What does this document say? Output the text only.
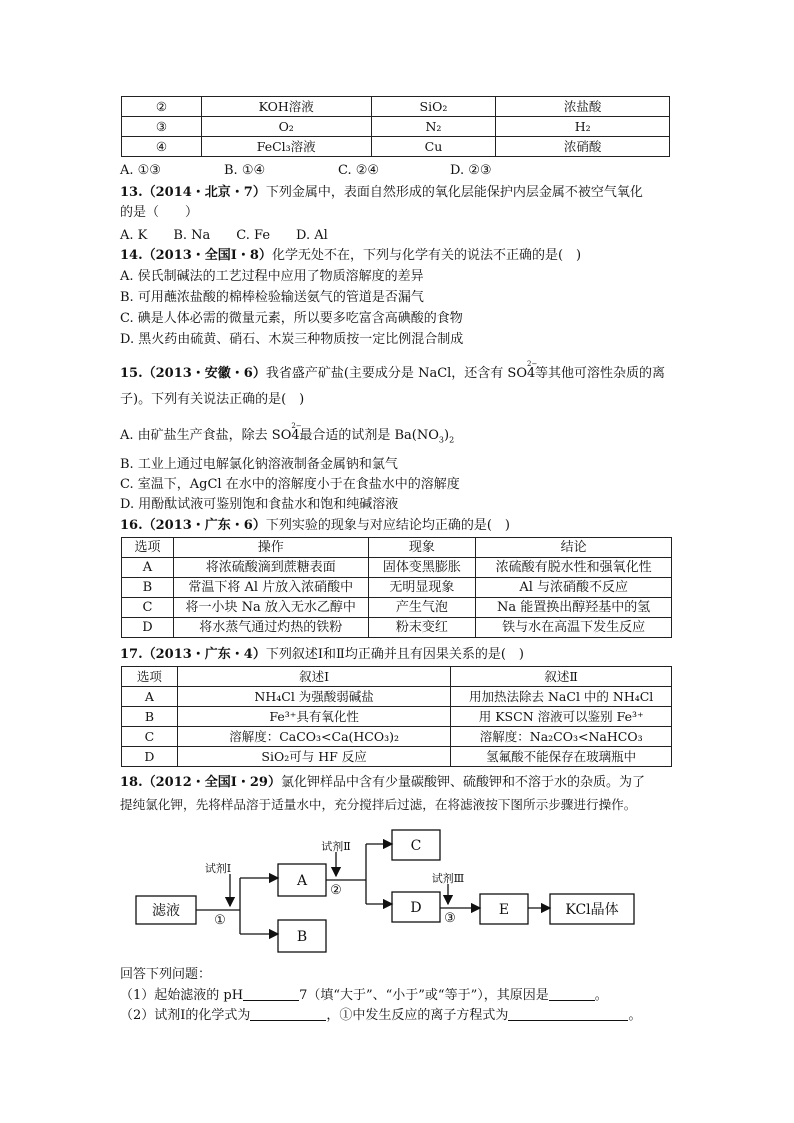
②	KOH溶液	SiO₂	浓盐酸
③	O₂	N₂	H₂
④	FeCl₃溶液	Cu	浓硝酸
A. ①③	B. ①④	C. ②④	D. ②③
13.（2014・北京・7）下列金属中，表面自然形成的氧化层能保护内层金属不被空气氧化
的是（　　）
A. K　　B. Na　　C. Fe　　D. Al
14.（2013・全国Ⅰ・8）化学无处不在，下列与化学有关的说法不正确的是(　)
A. 侯氏制碱法的工艺过程中应用了物质溶解度的差异
B. 可用蘸浓盐酸的棉棒检验输送氨气的管道是否漏气
C. 碘是人体必需的微量元素，所以要多吃富含高碘酸的食物
D. 黑火药由硫黄、硝石、木炭三种物质按一定比例混合制成
15.（2013・安徽・6）我省盛产矿盐(主要成分是 NaCl，还含有 SO
2−
4等其他可溶性杂质的离
子)。下列有关说法正确的是(　)
A. 由矿盐生产食盐，除去 SO
2−
4最合适的试剂是 $Ba(NO_3)_2$
B. 工业上通过电解氯化钠溶液制备金属钠和氯气
C. 室温下，AgCl 在水中的溶解度小于在食盐水中的溶解度
D. 用酚酞试液可鉴别饱和食盐水和饱和纯碱溶液
16.（2013・广东・6）下列实验的现象与对应结论均正确的是(　)
选项	操作	现象	结论
A	将浓硫酸滴到蔗糖表面	固体变黑膨胀	浓硫酸有脱水性和强氧化性
B	常温下将 Al 片放入浓硝酸中	无明显现象	Al 与浓硝酸不反应
C	将一小块 Na 放入无水乙醇中	产生气泡	Na 能置换出醇羟基中的氢
D	将水蒸气通过灼热的铁粉	粉末变红	铁与水在高温下发生反应
17.（2013・广东・4）下列叙述Ⅰ和Ⅱ均正确并且有因果关系的是(　)
选项	叙述Ⅰ	叙述Ⅱ
A	NH₄Cl 为强酸弱碱盐	用加热法除去 NaCl 中的 NH₄Cl
B	Fe³⁺具有氧化性	用 KSCN 溶液可以鉴别 Fe³⁺
C	溶解度：CaCO₃<Ca(HCO₃)₂	溶解度：Na₂CO₃<NaHCO₃
D	SiO₂可与 HF 反应	氢氟酸不能保存在玻璃瓶中
18.（2012・全国Ⅰ・29）氯化钾样品中含有少量碳酸钾、硫酸钾和不溶于水的杂质。为了
提纯氯化钾，先将样品溶于适量水中，充分搅拌后过滤，在将滤液按下图所示步骤进行操作。
滤液
A
B
C
D	E	KCl晶体
试剂Ⅰ
试剂Ⅱ
试剂Ⅲ
①
②
③
回答下列问题：
（1）起始滤液的 pH	7（填“大于”、“小于”或“等于”），其原因是	。
（2）试剂Ⅰ的化学式为	，①中发生反应的离子方程式为	。
